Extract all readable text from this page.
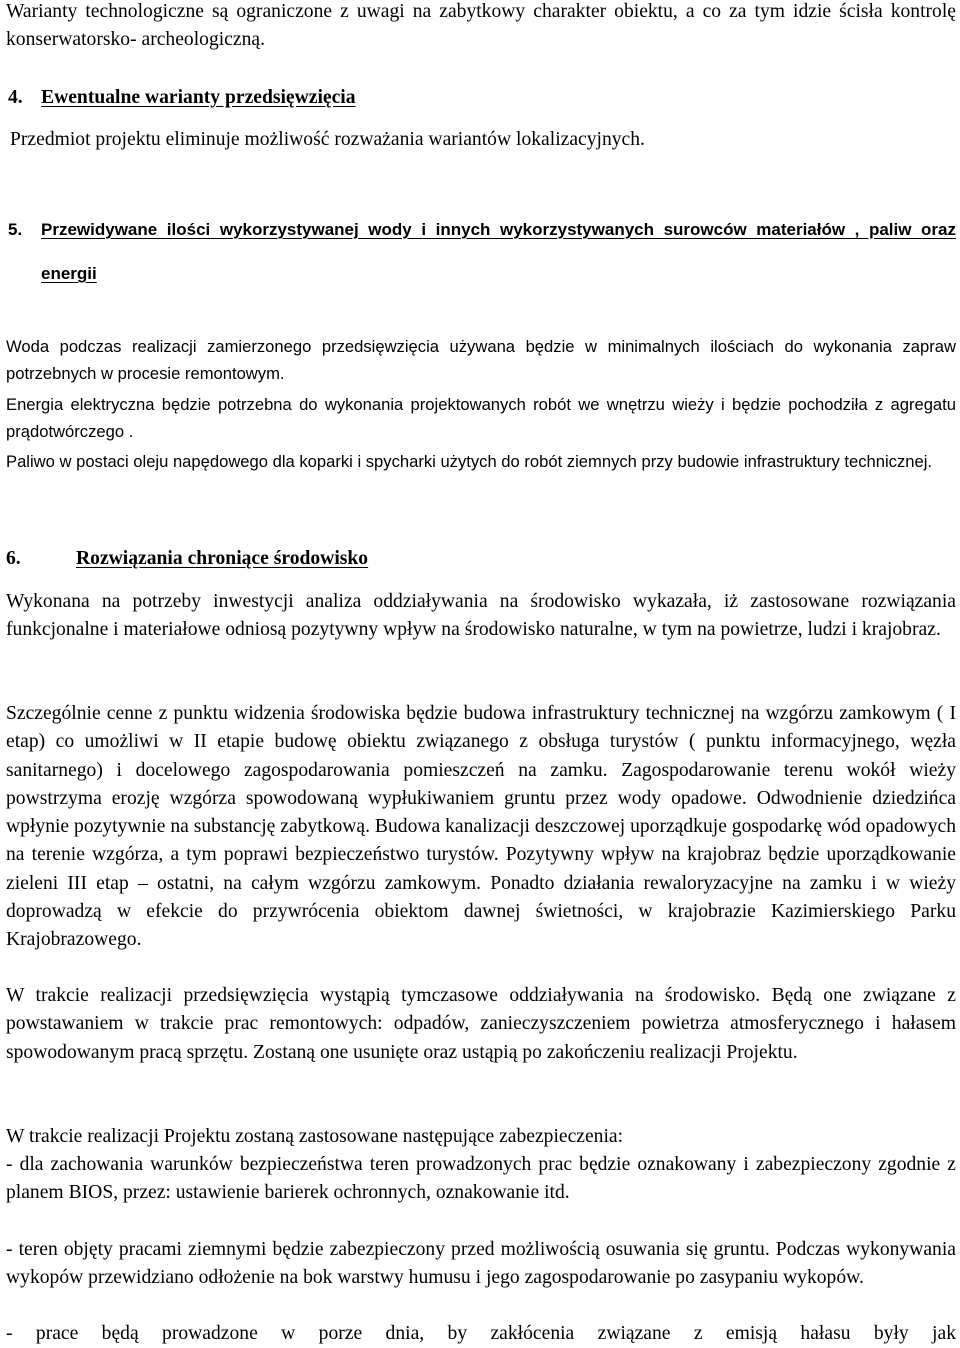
Warianty technologiczne są ograniczone z uwagi na zabytkowy charakter obiektu, a co za tym idzie ścisła kontrolę konserwatorsko- archeologiczną.

4. Ewentualne warianty przedsięwzięcia

Przedmiot projektu eliminuje możliwość rozważania wariantów lokalizacyjnych.

5. Przewidywane ilości wykorzystywanej wody i innych wykorzystywanych surowców materiałów , paliw oraz energii

Woda podczas realizacji zamierzonego przedsięwzięcia używana będzie w minimalnych ilościach do wykonania zapraw potrzebnych w procesie remontowym.

Energia elektryczna będzie potrzebna do wykonania projektowanych robót we wnętrzu wieży i będzie pochodziła z agregatu prądotwórczego .

Paliwo w postaci oleju napędowego dla koparki i spycharki użytych do robót ziemnych przy budowie infrastruktury technicznej.

6.	Rozwiązania chroniące środowisko

Wykonana na potrzeby inwestycji analiza oddziaływania na środowisko wykazała, iż zastosowane rozwiązania funkcjonalne i materiałowe odniosą pozytywny wpływ na środowisko naturalne, w tym na powietrze, ludzi i krajobraz.

Szczególnie cenne z punktu widzenia środowiska będzie budowa infrastruktury technicznej na wzgórzu zamkowym ( I etap) co umożliwi w II etapie budowę obiektu związanego z obsługa turystów ( punktu informacyjnego, węzła sanitarnego) i docelowego zagospodarowania pomieszczeń na zamku. Zagospodarowanie terenu wokół wieży powstrzyma erozję wzgórza spowodowaną wypłukiwaniem gruntu przez wody opadowe. Odwodnienie dziedzińca wpłynie pozytywnie na substancję zabytkową. Budowa kanalizacji deszczowej uporządkuje gospodarkę wód opadowych na terenie wzgórza, a tym poprawi bezpieczeństwo turystów. Pozytywny wpływ na krajobraz będzie uporządkowanie zieleni III etap – ostatni, na całym wzgórzu zamkowym. Ponadto działania rewaloryzacyjne na zamku i w wieży doprowadzą w efekcie do przywrócenia obiektom dawnej świetności, w krajobrazie Kazimierskiego Parku Krajobrazowego.

W trakcie realizacji przedsięwzięcia wystąpią tymczasowe oddziaływania na środowisko. Będą one związane z powstawaniem w trakcie prac remontowych: odpadów, zanieczyszczeniem powietrza atmosferycznego i hałasem spowodowanym pracą sprzętu. Zostaną one usunięte oraz ustąpią po zakończeniu realizacji Projektu.

W trakcie realizacji Projektu zostaną zastosowane następujące zabezpieczenia:

- dla zachowania warunków bezpieczeństwa teren prowadzonych prac będzie oznakowany i zabezpieczony zgodnie z planem BIOS, przez: ustawienie barierek ochronnych, oznakowanie itd.

- teren objęty pracami ziemnymi będzie zabezpieczony przed możliwością osuwania się gruntu. Podczas wykonywania wykopów przewidziano odłożenie na bok warstwy humusu i jego zagospodarowanie po zasypaniu wykopów.

- prace będą prowadzone w porze dnia, by zakłócenia związane z emisją hałasu były jak
